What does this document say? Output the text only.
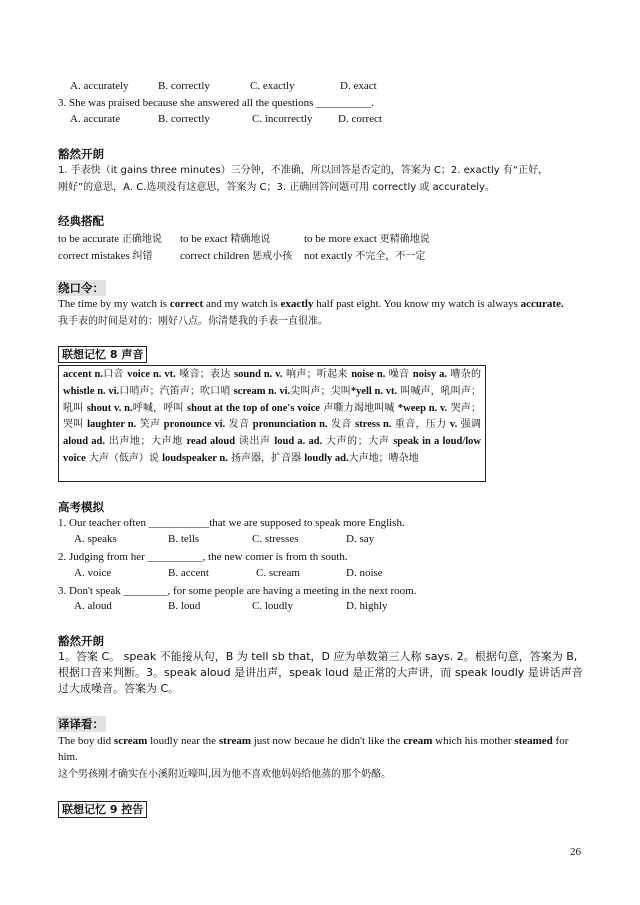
A. accurately	B. correctly	C. exactly	D. exact
3. She was praised because she answered all the questions __________.
A. accurate	B. correctly	C. incorrectly D. correct
豁然开朗
1. 手表快（it gains three minutes）三分钟，不准确，所以回答是否定的，答案为 C；2. exactly 有“正好，
刚好”的意思，A. C.选项没有这意思，答案为 C；3. 正确回答问题可用 correctly 或 accurately。
经典搭配
to be accurate 正确地说 to be exact 精确地说	to be more exact 更精确地说
correct mistakes 纠错 correct children 惩戒小孩 not exactly 不完全，不一定
绕口令：
The time by my watch is correct and my watch is exactly half past eight. You know my watch is always accurate.
我手表的时间是对的：刚好八点。你清楚我的手表一直很准。
联想记忆 8 声音
accent n.口音 voice n. vt. 嗓音；表达 sound n. v. 响声；听起来 noise n. 噪音 noisy a. 嘈杂的 whistle n. vi.口哨声；汽笛声；吹口哨 scream n. vi.尖叫声；尖叫*yell n. vt. 叫喊声，吼叫声；吼叫 shout v. n.呼喊，呼叫 shout at the top of one's voice 声嘶力竭地叫喊 *weep n. v. 哭声；哭叫 laughter n. 笑声 pronounce vi. 发音 pronunciation n. 发音 stress n. 重音，压力 v. 强调 aloud ad. 出声地；大声地 read aloud 读出声 loud a. ad. 大声的；大声 speak in a loud/low voice 大声（低声）说 loudspeaker n. 扬声器，扩音器 loudly ad.大声地；嘈杂地
高考模拟
1. Our teacher often ___________that we are supposed to speak more English.
A. speaks	B. tells	C. stresses	D. say
2. Judging from her __________, the new comer is from th south.
A. voice	B. accent	C. scream	D. noise
3. Don't speak ________, for some people are having a meeting in the next room.
A. aloud	B. loud	C. loudly	D. highly
豁然开朗
1。答案 C。 speak 不能接从句，B 为 tell sb that，D 应为单数第三人称 says. 2。根据句意，答案为 B, 根据口音来判断。3。speak aloud 是讲出声，speak loud 是正常的大声讲，而 speak loudly 是讲话声音过大成噪音。答案为 C。
译译看：
The boy did scream loudly near the stream just now becaue he didn't like the cream which his mother steamed for him.
这个男孩刚才确实在小溪附近嚎叫,因为他不喜欢他妈妈给他蒸的那个奶酪。
联想记忆 9 控告
26
